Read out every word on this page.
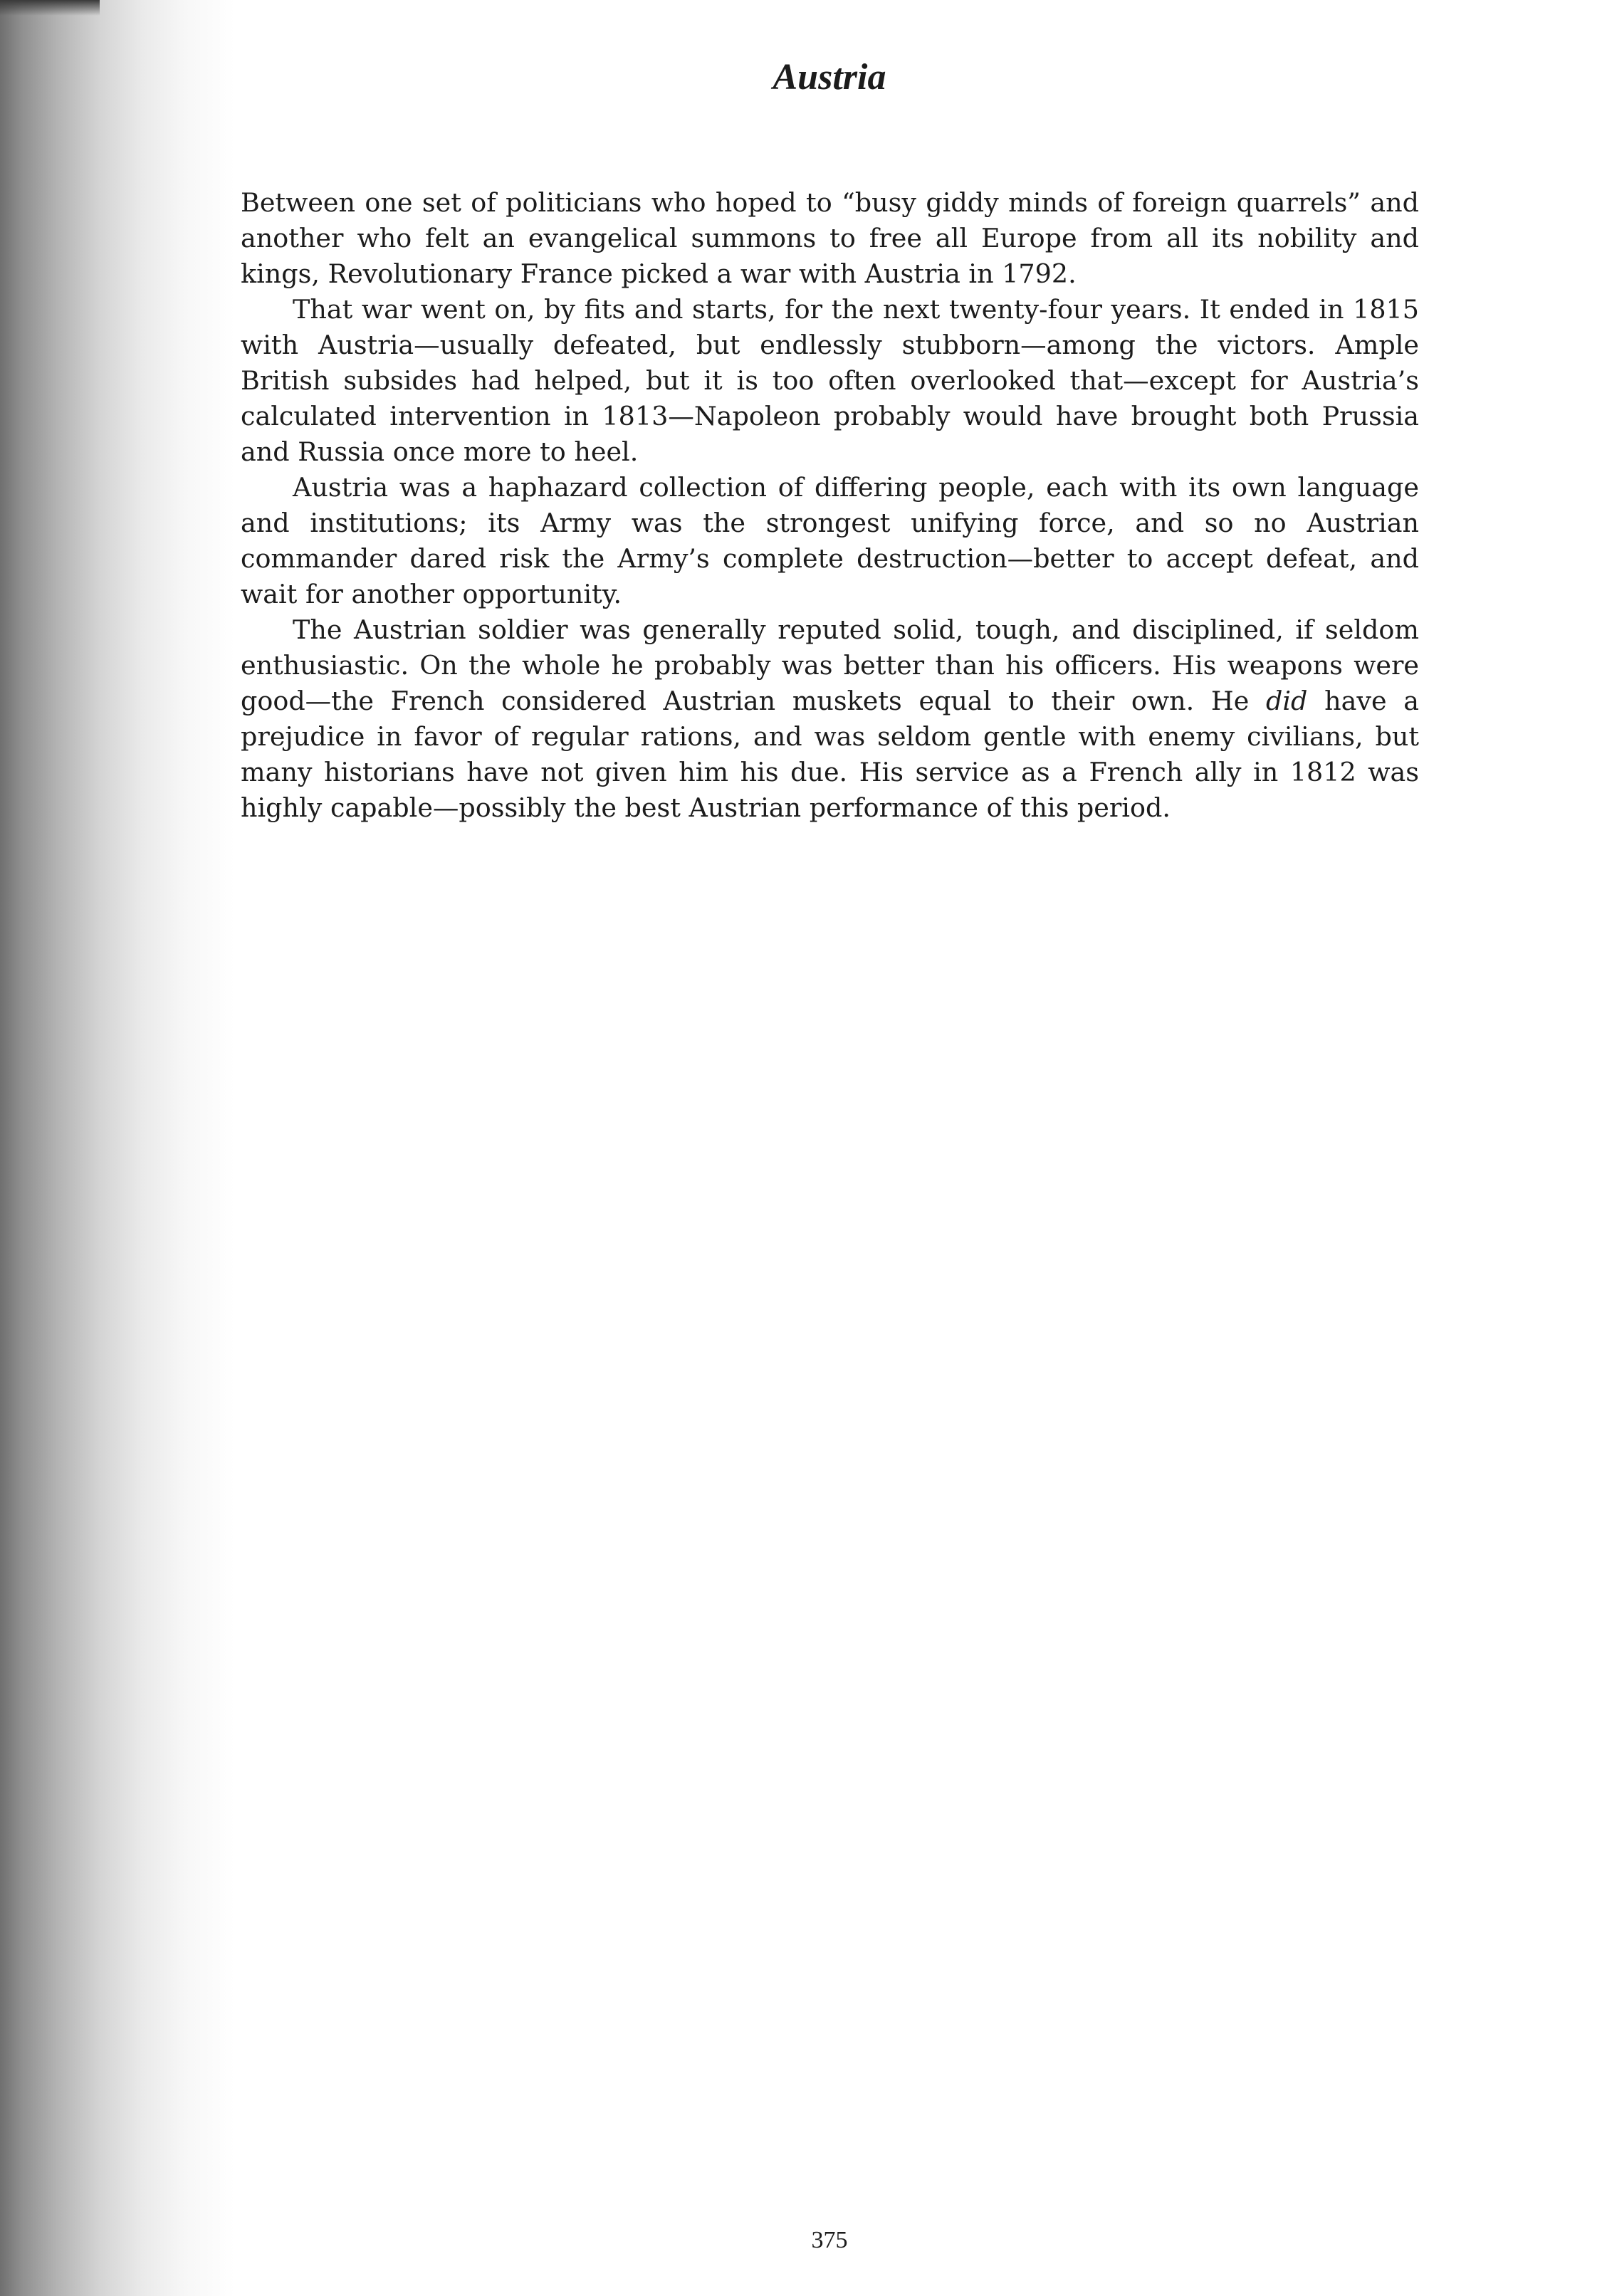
Austria

Between one set of politicians who hoped to “busy giddy minds of foreign quarrels” and another who felt an evangelical summons to free all Europe from all its nobility and kings, Revolutionary France picked a war with Austria in 1792.

That war went on, by fits and starts, for the next twenty-four years. It ended in 1815 with Austria—usually defeated, but endlessly stubborn—among the victors. Ample British subsides had helped, but it is too often overlooked that—except for Austria’s calculated intervention in 1813—Napoleon probably would have brought both Prussia and Russia once more to heel.

Austria was a haphazard collection of differing people, each with its own language and institutions; its Army was the strongest unifying force, and so no Austrian commander dared risk the Army’s complete destruction—better to accept defeat, and wait for another opportunity.

The Austrian soldier was generally reputed solid, tough, and disciplined, if seldom enthusiastic. On the whole he probably was better than his officers. His weapons were good—the French considered Austrian muskets equal to their own. He did have a prejudice in favor of regular rations, and was seldom gentle with enemy civilians, but many historians have not given him his due. His service as a French ally in 1812 was highly capable—possibly the best Austrian performance of this period.

375
